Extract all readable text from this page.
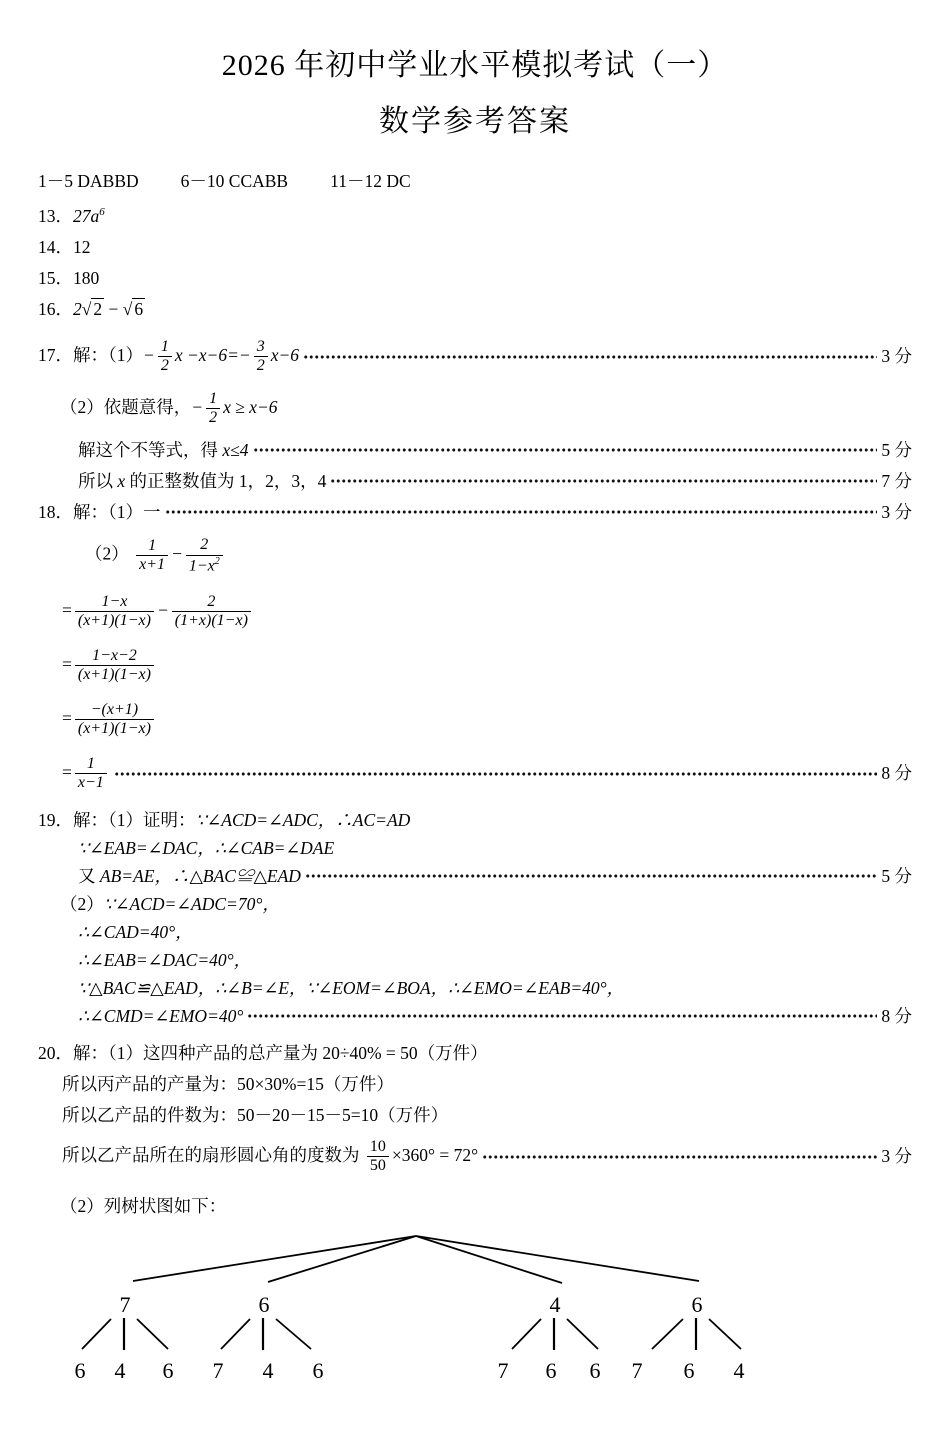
2026 年初中学业水平模拟考试（一）
数学参考答案
1－5 DABBD 6－10 CCABB 11－12 DC
13．$27a^6$
14．12
15．180
16．2√ 2 − √ 6
17．解：$(1)- \frac{1}{2}$ $x -x-6=- \frac{3}{2} x-6$	3 分
（2）依题意得，− $\frac{1}{2}$ x ≥ x−6
解这个不等式，得 x≤4	5 分
所以 x 的正整数值为 1，2，3，4	7 分
18．解：（1）一	3 分
$(2) \frac{1}{x+1} - \frac{2}{1-x^2}$
= $\frac{1-x}{(x+1)(1-x)} - \frac{2}{(1+x)(1-x)}$
= $\frac{1-x-2}{(x+1)(1-x)}$
= $\frac{-(x+1)}{(x+1)(1-x)}$
= $\frac{1}{x-1}$	8 分
19．解：（1）证明：∵∠ACD=∠ADC，∴AC=AD
∵∠EAB=∠DAC，∴∠CAB=∠DAE
又 AB=AE，∴△BAC≌△EAD	5 分
（2）∵∠ACD=∠ADC=70°，
∴∠CAD=40°，
∴∠EAB=∠DAC=40°，
∵△BAC≌△EAD，∴∠B=∠E，∵∠EOM=∠BOA，∴∠EMO=∠EAB=40°，
∴∠CMD=∠EMO=40°	8 分
20．解：（1）这四种产品的总产量为 20÷40% = 50（万件）
所以丙产品的产量为：50×30%=15（万件）
所以乙产品的件数为：50－20－15－5=10（万件）
所以乙产品所在的扇形圆心角的度数为 $\frac{10}{50} \times 360^\circ = 72^\circ$	3 分
（2）列树状图如下：
7	6	4	6
6 4 6 7 4 6	7 6 6 7 6 4
